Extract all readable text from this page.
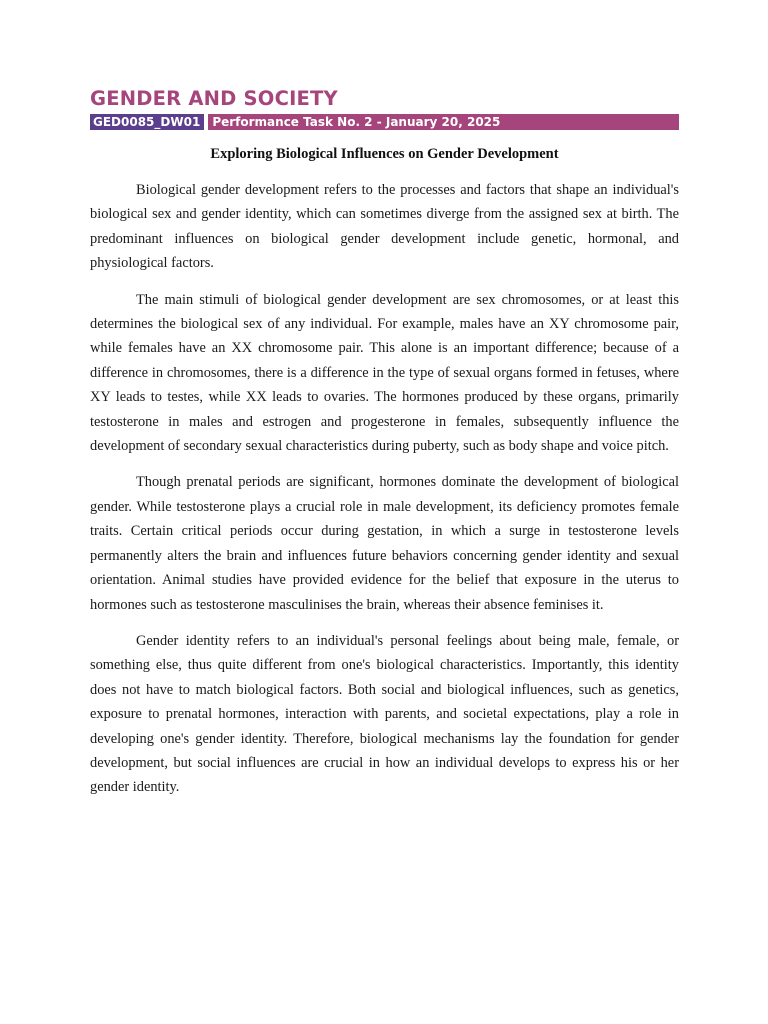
GENDER AND SOCIETY
GED0085_DW01	Performance Task No. 2 - January 20, 2025
Exploring Biological Influences on Gender Development

Biological gender development refers to the processes and factors that shape an individual's biological sex and gender identity, which can sometimes diverge from the assigned sex at birth. The predominant influences on biological gender development include genetic, hormonal, and physiological factors.

The main stimuli of biological gender development are sex chromosomes, or at least this determines the biological sex of any individual. For example, males have an XY chromosome pair, while females have an XX chromosome pair. This alone is an important difference; because of a difference in chromosomes, there is a difference in the type of sexual organs formed in fetuses, where XY leads to testes, while XX leads to ovaries. The hormones produced by these organs, primarily testosterone in males and estrogen and progesterone in females, subsequently influence the development of secondary sexual characteristics during puberty, such as body shape and voice pitch.

Though prenatal periods are significant, hormones dominate the development of biological gender. While testosterone plays a crucial role in male development, its deficiency promotes female traits. Certain critical periods occur during gestation, in which a surge in testosterone levels permanently alters the brain and influences future behaviors concerning gender identity and sexual orientation. Animal studies have provided evidence for the belief that exposure in the uterus to hormones such as testosterone masculinises the brain, whereas their absence feminises it.

Gender identity refers to an individual's personal feelings about being male, female, or something else, thus quite different from one's biological characteristics. Importantly, this identity does not have to match biological factors. Both social and biological influences, such as genetics, exposure to prenatal hormones, interaction with parents, and societal expectations, play a role in developing one's gender identity. Therefore, biological mechanisms lay the foundation for gender development, but social influences are crucial in how an individual develops to express his or her gender identity.
